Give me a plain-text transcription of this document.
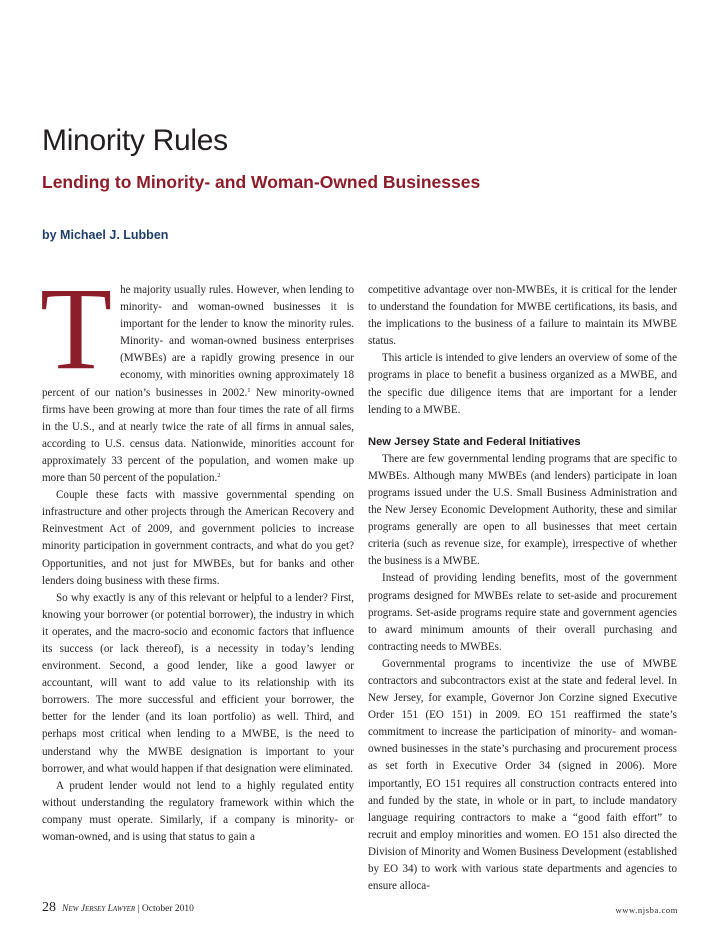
Minority Rules
Lending to Minority- and Woman-Owned Businesses
by Michael J. Lubben

The majority usually rules. However, when lending to minority- and woman-owned businesses it is important for the lender to know the minority rules. Minority- and woman-owned business enterprises (MWBEs) are a rapidly growing presence in our economy, with minorities owning approximately 18 percent of our nation’s businesses in 2002.$^1$ New minority-owned firms have been growing at more than four times the rate of all firms in the U.S., and at nearly twice the rate of all firms in annual sales, according to U.S. census data. Nationwide, minorities account for approximately 33 percent of the population, and women make up more than 50 percent of the population.$^2$

Couple these facts with massive governmental spending on infrastructure and other projects through the American Recovery and Reinvestment Act of 2009, and government policies to increase minority participation in government contracts, and what do you get? Opportunities, and not just for MWBEs, but for banks and other lenders doing business with these firms.

So why exactly is any of this relevant or helpful to a lender? First, knowing your borrower (or potential borrower), the industry in which it operates, and the macro-socio and economic factors that influence its success (or lack thereof), is a necessity in today’s lending environment. Second, a good lender, like a good lawyer or accountant, will want to add value to its relationship with its borrowers. The more successful and efficient your borrower, the better for the lender (and its loan portfolio) as well. Third, and perhaps most critical when lending to a MWBE, is the need to understand why the MWBE designation is important to your borrower, and what would happen if that designation were eliminated.

A prudent lender would not lend to a highly regulated entity without understanding the regulatory framework within which the company must operate. Similarly, if a company is minority- or woman-owned, and is using that status to gain a

competitive advantage over non-MWBEs, it is critical for the lender to understand the foundation for MWBE certifications, its basis, and the implications to the business of a failure to maintain its MWBE status.

This article is intended to give lenders an overview of some of the programs in place to benefit a business organized as a MWBE, and the specific due diligence items that are important for a lender lending to a MWBE.

New Jersey State and Federal Initiatives

There are few governmental lending programs that are specific to MWBEs. Although many MWBEs (and lenders) participate in loan programs issued under the U.S. Small Business Administration and the New Jersey Economic Development Authority, these and similar programs generally are open to all businesses that meet certain criteria (such as revenue size, for example), irrespective of whether the business is a MWBE.

Instead of providing lending benefits, most of the government programs designed for MWBEs relate to set-aside and procurement programs. Set-aside programs require state and government agencies to award minimum amounts of their overall purchasing and contracting needs to MWBEs.

Governmental programs to incentivize the use of MWBE contractors and subcontractors exist at the state and federal level. In New Jersey, for example, Governor Jon Corzine signed Executive Order 151 (EO 151) in 2009. EO 151 reaffirmed the state’s commitment to increase the participation of minority- and woman-owned businesses in the state’s purchasing and procurement process as set forth in Executive Order 34 (signed in 2006). More importantly, EO 151 requires all construction contracts entered into and funded by the state, in whole or in part, to include mandatory language requiring contractors to make a “good faith effort” to recruit and employ minorities and women. EO 151 also directed the Division of Minority and Women Business Development (established by EO 34) to work with various state departments and agencies to ensure alloca-

28 New Jersey Lawyer | October 2010	www.njsba.com
